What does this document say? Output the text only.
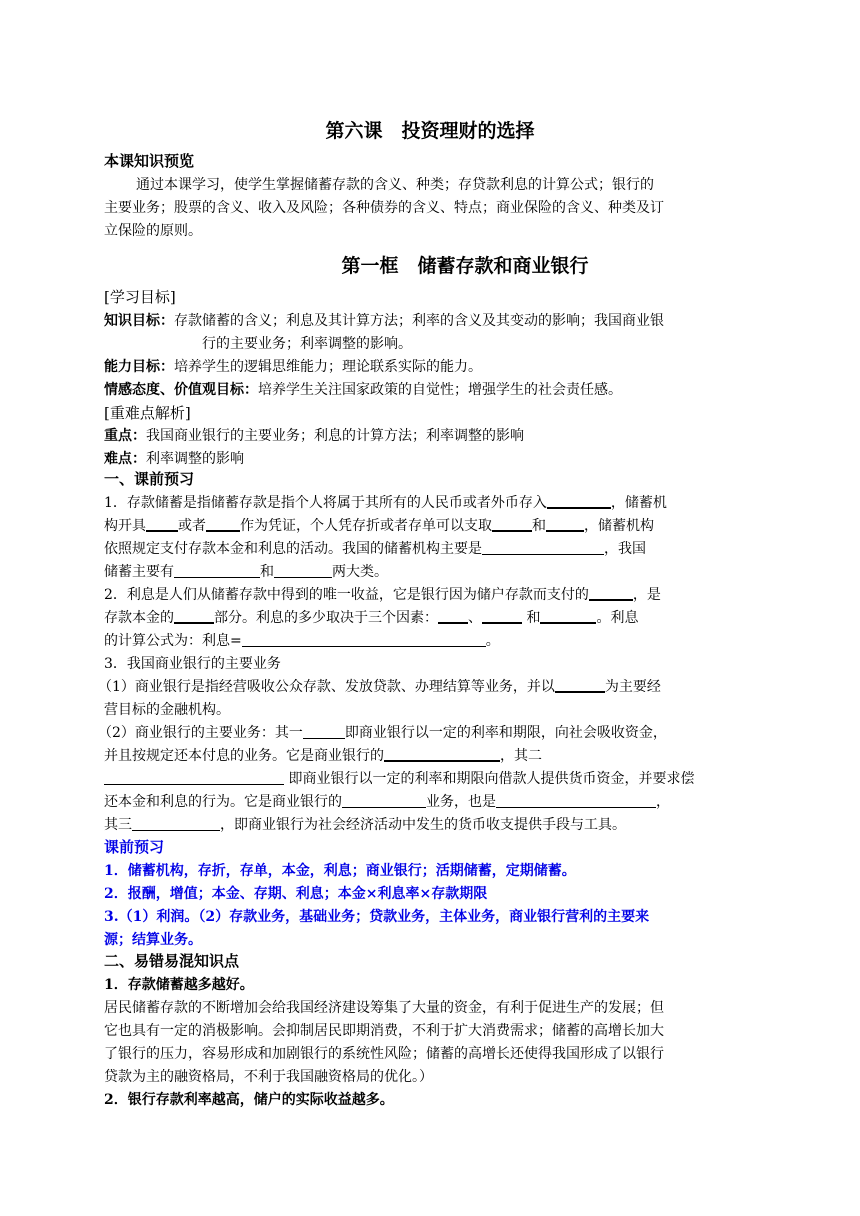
第六课　投资理财的选择
本课知识预览
通过本课学习，使学生掌握储蓄存款的含义、种类；存贷款利息的计算公式；银行的
主要业务；股票的含义、收入及风险；各种债券的含义、特点；商业保险的含义、种类及订
立保险的原则。
第一框　储蓄存款和商业银行
[学习目标]
知识目标：存款储蓄的含义；利息及其计算方法；利率的含义及其变动的影响；我国商业银
行的主要业务；利率调整的影响。
能力目标：培养学生的逻辑思维能力；理论联系实际的能力。
情感态度、价值观目标：培养学生关注国家政策的自觉性；增强学生的社会责任感。
[重难点解析]
重点：我国商业银行的主要业务；利息的计算方法；利率调整的影响
难点：利率调整的影响
一、课前预习
1．存款储蓄是指储蓄存款是指个人将属于其所有的人民币或者外币存入	，储蓄机
构开具 或者 作为凭证，个人凭存折或者存单可以支取	和	，储蓄机构
依照规定支付存款本金和利息的活动。我国的储蓄机构主要是	，我国
储蓄主要有	和	两大类。
2．利息是人们从储蓄存款中得到的唯一收益，它是银行因为储户存款而支付的	，是
存款本金的	部分。利息的多少取决于三个因素： 、	和	。利息
的计算公式为：利息=	。
3．我国商业银行的主要业务
（1）商业银行是指经营吸收公众存款、发放贷款、办理结算等业务，并以	为主要经
营目标的金融机构。
（2）商业银行的主要业务：其一	即商业银行以一定的利率和期限，向社会吸收资金，
并且按规定还本付息的业务。它是商业银行的	，其二
即商业银行以一定的利率和期限向借款人提供货币资金，并要求偿
还本金和利息的行为。它是商业银行的	业务，也是	，
其三	，即商业银行为社会经济活动中发生的货币收支提供手段与工具。
课前预习
1．储蓄机构，存折，存单，本金，利息；商业银行；活期储蓄，定期储蓄。
2．报酬，增值；本金、存期、利息；本金×利息率×存款期限
3.（1）利润。（2）存款业务，基础业务；贷款业务，主体业务，商业银行营利的主要来
源；结算业务。
二、易错易混知识点
1．存款储蓄越多越好。
居民储蓄存款的不断增加会给我国经济建设筹集了大量的资金，有利于促进生产的发展；但
它也具有一定的消极影响。会抑制居民即期消费，不利于扩大消费需求；储蓄的高增长加大
了银行的压力，容易形成和加剧银行的系统性风险；储蓄的高增长还使得我国形成了以银行
贷款为主的融资格局，不利于我国融资格局的优化。）
2．银行存款利率越高，储户的实际收益越多。
